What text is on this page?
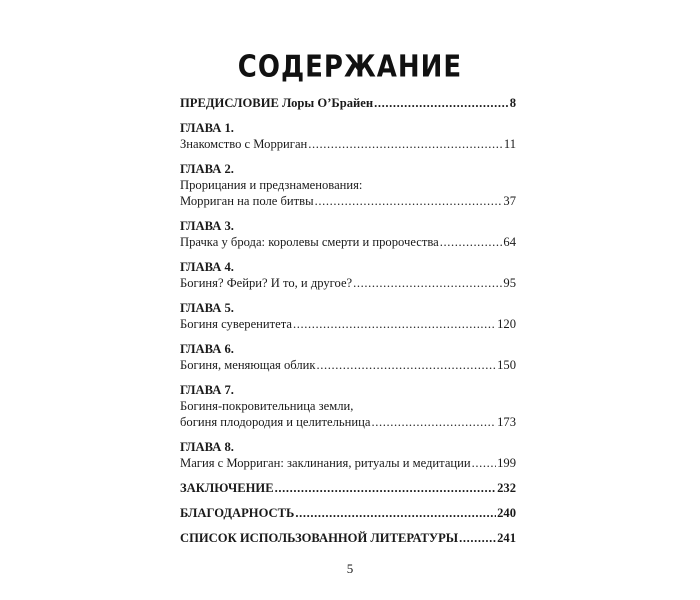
СОДЕРЖАНИЕ
ПРЕДИСЛОВИЕ Лоры О’Брайен .....	8
ГЛАВА 1.
Знакомство с Морриган .....	11
ГЛАВА 2.
Прорицания и предзнаменования:
Морриган на поле битвы .....	37
ГЛАВА 3.
Прачка у брода: королевы смерти и пророчества .....	64
ГЛАВА 4.
Богиня? Фейри? И то, и другое? .....	95
ГЛАВА 5.
Богиня суверенитета .....	120
ГЛАВА 6.
Богиня, меняющая облик .....	150
ГЛАВА 7.
Богиня-покровительница земли,
богиня плодородия и целительница .....	173
ГЛАВА 8.
Магия с Морриган: заклинания, ритуалы и медитации ..... 199
ЗАКЛЮЧЕНИЕ .....	232
БЛАГОДАРНОСТЬ .....	240
СПИСОК ИСПОЛЬЗОВАННОЙ ЛИТЕРАТУРЫ .....	241
5
